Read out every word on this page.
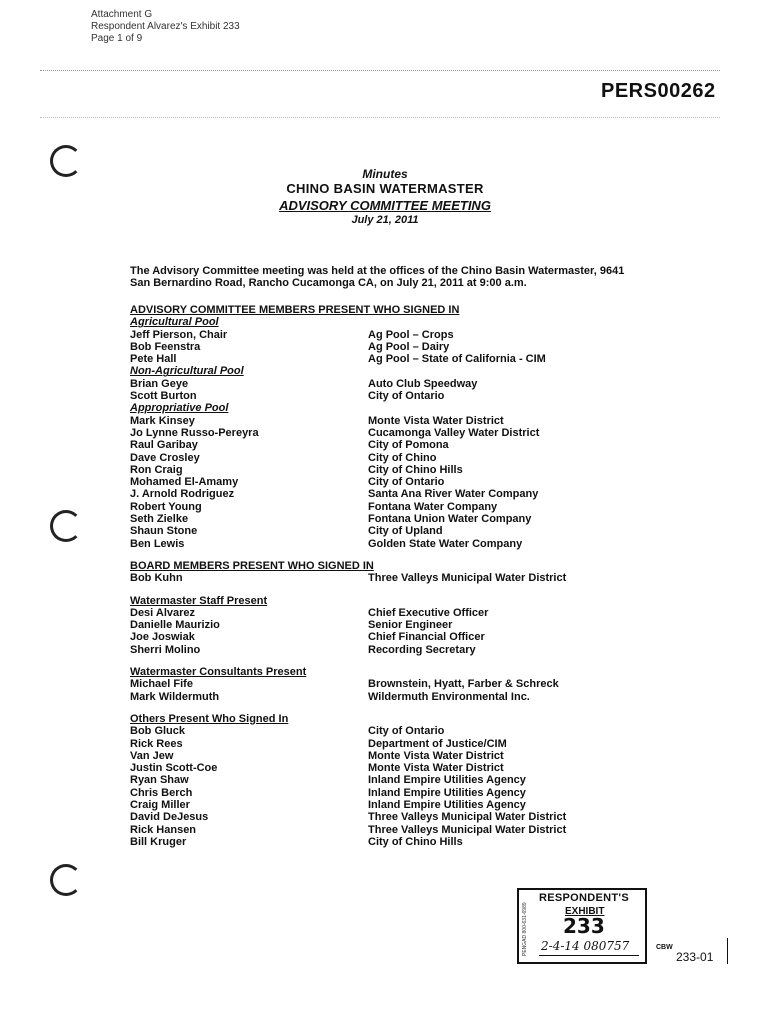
Attachment G
Respondent Alvarez's Exhibit 233
Page 1 of 9
PERS00262
Minutes
CHINO BASIN WATERMASTER
ADVISORY COMMITTEE MEETING
July 21, 2011
The Advisory Committee meeting was held at the offices of the Chino Basin Watermaster, 9641 San Bernardino Road, Rancho Cucamonga CA, on July 21, 2011 at 9:00 a.m.
ADVISORY COMMITTEE MEMBERS PRESENT WHO SIGNED IN
Agricultural Pool
Jeff Pierson, Chair	Ag Pool – Crops
Bob Feenstra	Ag Pool – Dairy
Pete Hall	Ag Pool – State of California - CIM
Non-Agricultural Pool
Brian Geye	Auto Club Speedway
Scott Burton	City of Ontario
Appropriative Pool
Mark Kinsey	Monte Vista Water District
Jo Lynne Russo-Pereyra	Cucamonga Valley Water District
Raul Garibay	City of Pomona
Dave Crosley	City of Chino
Ron Craig	City of Chino Hills
Mohamed El-Amamy	City of Ontario
J. Arnold Rodriguez	Santa Ana River Water Company
Robert Young	Fontana Water Company
Seth Zielke	Fontana Union Water Company
Shaun Stone	City of Upland
Ben Lewis	Golden State Water Company
BOARD MEMBERS PRESENT WHO SIGNED IN
Bob Kuhn	Three Valleys Municipal Water District
Watermaster Staff Present
Desi Alvarez	Chief Executive Officer
Danielle Maurizio	Senior Engineer
Joe Joswiak	Chief Financial Officer
Sherri Molino	Recording Secretary
Watermaster Consultants Present
Michael Fife	Brownstein, Hyatt, Farber & Schreck
Mark Wildermuth	Wildermuth Environmental Inc.
Others Present Who Signed In
Bob Gluck	City of Ontario
Rick Rees	Department of Justice/CIM
Van Jew	Monte Vista Water District
Justin Scott-Coe	Monte Vista Water District
Ryan Shaw	Inland Empire Utilities Agency
Chris Berch	Inland Empire Utilities Agency
Craig Miller	Inland Empire Utilities Agency
David DeJesus	Three Valleys Municipal Water District
Rick Hansen	Three Valleys Municipal Water District
Bill Kruger	City of Chino Hills
PENGAD 800-631-6989
RESPONDENT'S
EXHIBIT
233
2-4-14 080757	CBW
233-01
